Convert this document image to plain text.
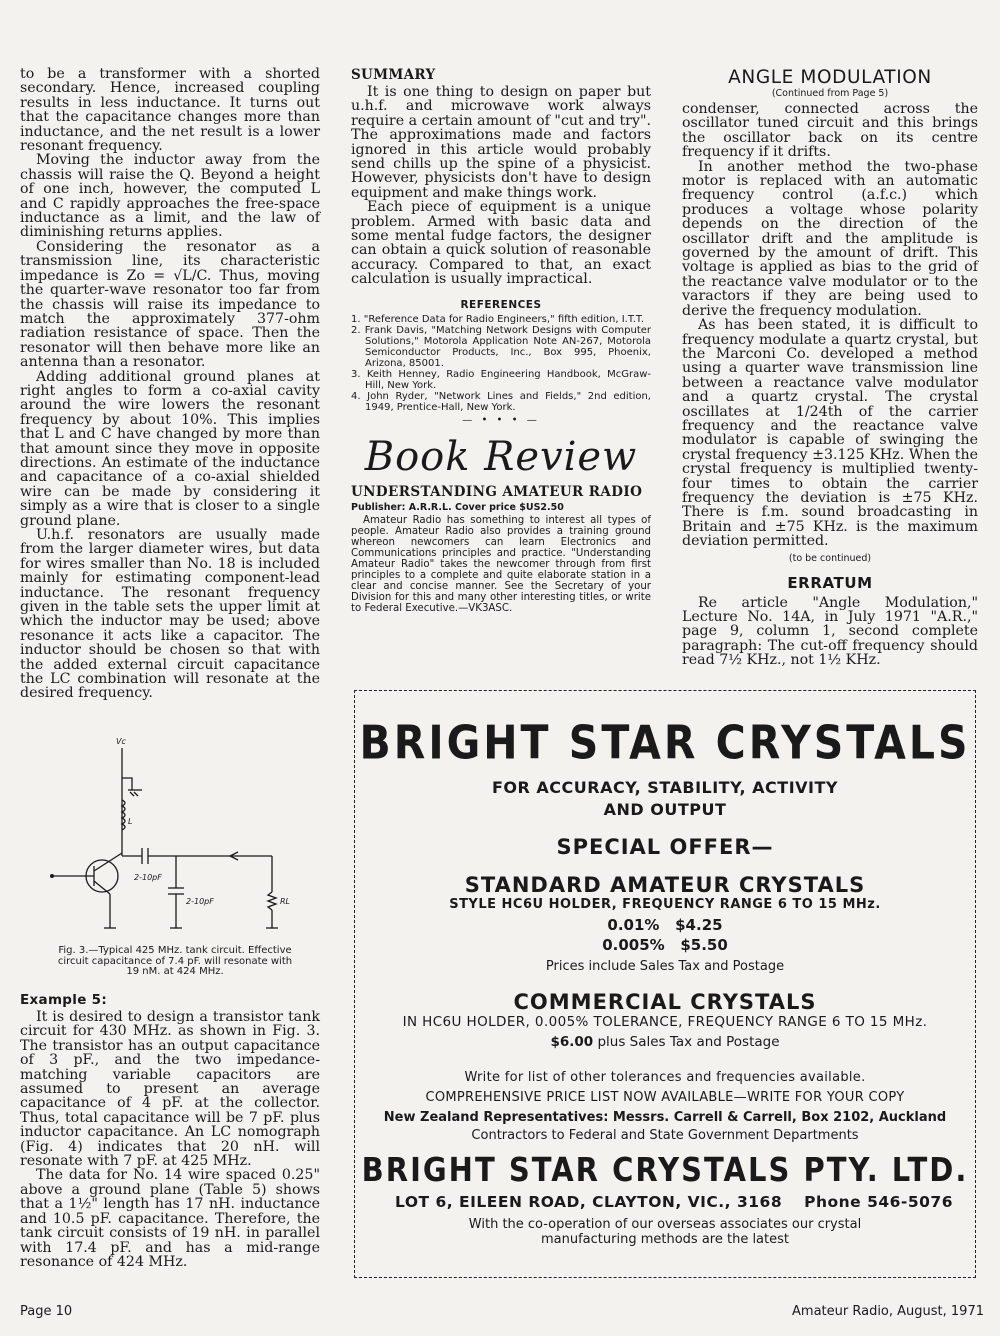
to be a transformer with a shorted secondary. Hence, increased coupling results in less inductance. It turns out that the capacitance changes more than inductance, and the net result is a lower resonant frequency.

Moving the inductor away from the chassis will raise the Q. Beyond a height of one inch, however, the computed L and C rapidly approaches the free-space inductance as a limit, and the law of diminishing returns applies.

Considering the resonator as a transmission line, its characteristic impedance is Zo = √L/C. Thus, moving the quarter-wave resonator too far from the chassis will raise its impedance to match the approximately 377-ohm radiation resistance of space. Then the resonator will then behave more like an antenna than a resonator.

Adding additional ground planes at right angles to form a co-axial cavity around the wire lowers the resonant frequency by about 10%. This implies that L and C have changed by more than that amount since they move in opposite directions. An estimate of the inductance and capacitance of a co-axial shielded wire can be made by considering it simply as a wire that is closer to a single ground plane.

U.h.f. resonators are usually made from the larger diameter wires, but data for wires smaller than No. 18 is included mainly for estimating component-lead inductance. The resonant frequency given in the table sets the upper limit at which the inductor may be used; above resonance it acts like a capacitor. The inductor should be chosen so that with the added external circuit capacitance the LC combination will resonate at the desired frequency.

Vc
L
2-10pF
2-10pF	RL
Fig. 3.—Typical 425 MHz. tank circuit. Effective circuit capacitance of 7.4 pF. will resonate with 19 nM. at 424 MHz.

Example 5:

It is desired to design a transistor tank circuit for 430 MHz. as shown in Fig. 3. The transistor has an output capacitance of 3 pF., and the two impedance-matching variable capacitors are assumed to present an average capacitance of 4 pF. at the collector. Thus, total capacitance will be 7 pF. plus inductor capacitance. An LC nomograph (Fig. 4) indicates that 20 nH. will resonate with 7 pF. at 425 MHz.

The data for No. 14 wire spaced 0.25" above a ground plane (Table 5) shows that a 1½" length has 17 nH. inductance and 10.5 pF. capacitance. Therefore, the tank circuit consists of 19 nH. in parallel with 17.4 pF. and has a mid-range resonance of 424 MHz.

SUMMARY

It is one thing to design on paper but u.h.f. and microwave work always require a certain amount of "cut and try". The approximations made and factors ignored in this article would probably send chills up the spine of a physicist. However, physicists don't have to design equipment and make things work.

Each piece of equipment is a unique problem. Armed with basic data and some mental fudge factors, the designer can obtain a quick solution of reasonable accuracy. Compared to that, an exact calculation is usually impractical.

REFERENCES

1. "Reference Data for Radio Engineers," fifth edition, I.T.T.
2. Frank Davis, "Matching Network Designs with Computer Solutions," Motorola Application Note AN-267, Motorola Semiconductor Products, Inc., Box 995, Phoenix, Arizona, 85001.
3. Keith Henney, Radio Engineering Handbook, McGraw-Hill, New York.
4. John Ryder, "Network Lines and Fields," 2nd edition, 1949, Prentice-Hall, New York.

— • • • —

Book Review

UNDERSTANDING AMATEUR RADIO

Publisher: A.R.R.L. Cover price $US2.50

Amateur Radio has something to interest all types of people. Amateur Radio also provides a training ground whereon newcomers can learn Electronics and Communications principles and practice. "Understanding Amateur Radio" takes the newcomer through from first principles to a complete and quite elaborate station in a clear and concise manner. See the Secretary of your Division for this and many other interesting titles, or write to Federal Executive.—VK3ASC.

ANGLE MODULATION

(Continued from Page 5)

condenser, connected across the oscillator tuned circuit and this brings the oscillator back on its centre frequency if it drifts.

In another method the two-phase motor is replaced with an automatic frequency control (a.f.c.) which produces a voltage whose polarity depends on the direction of the oscillator drift and the amplitude is governed by the amount of drift. This voltage is applied as bias to the grid of the reactance valve modulator or to the varactors if they are being used to derive the frequency modulation.

As has been stated, it is difficult to frequency modulate a quartz crystal, but the Marconi Co. developed a method using a quarter wave transmission line between a reactance valve modulator and a quartz crystal. The crystal oscillates at 1/24th of the carrier frequency and the reactance valve modulator is capable of swinging the crystal frequency ±3.125 KHz. When the crystal frequency is multiplied twenty-four times to obtain the carrier frequency the deviation is ±75 KHz. There is f.m. sound broadcasting in Britain and ±75 KHz. is the maximum deviation permitted.

(to be continued)

ERRATUM

Re article "Angle Modulation," Lecture No. 14A, in July 1971 "A.R.," page 9, column 1, second complete paragraph: The cut-off frequency should read 7½ KHz., not 1½ KHz.

BRIGHT STAR CRYSTALS

FOR ACCURACY, STABILITY, ACTIVITY

AND OUTPUT

SPECIAL OFFER—

STANDARD AMATEUR CRYSTALS

STYLE HC6U HOLDER, FREQUENCY RANGE 6 TO 15 MHz.

0.01% $4.25

0.005% $5.50

Prices include Sales Tax and Postage

COMMERCIAL CRYSTALS

IN HC6U HOLDER, 0.005% TOLERANCE, FREQUENCY RANGE 6 TO 15 MHz.

$6.00 plus Sales Tax and Postage

Write for list of other tolerances and frequencies available.

COMPREHENSIVE PRICE LIST NOW AVAILABLE—WRITE FOR YOUR COPY

New Zealand Representatives: Messrs. Carrell & Carrell, Box 2102, Auckland

Contractors to Federal and State Government Departments

BRIGHT STAR CRYSTALS PTY. LTD.

LOT 6, EILEEN ROAD, CLAYTON, VIC., 3168 Phone 546-5076

With the co-operation of our overseas associates our crystal

manufacturing methods are the latest

Page 10	Amateur Radio, August, 1971
